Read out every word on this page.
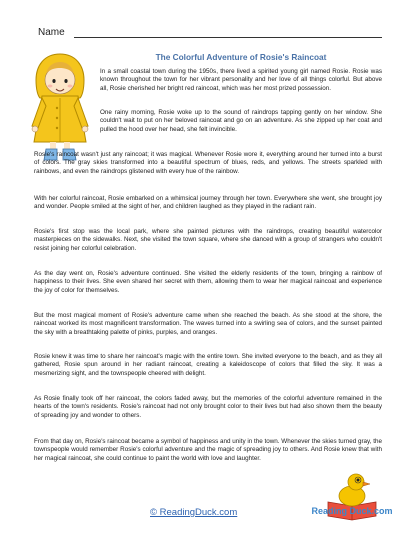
Name
The Colorful Adventure of Rosie's Raincoat

In a small coastal town during the 1950s, there lived a spirited young girl named Rosie. Rosie was known throughout the town for her vibrant personality and her love of all things colorful. But above all, Rosie cherished her bright red raincoat, which was her most prized possession.

One rainy morning, Rosie woke up to the sound of raindrops tapping gently on her window. She couldn't wait to put on her beloved raincoat and go on an adventure. As she zipped up her coat and pulled the hood over her head, she felt invincible.

Rosie's raincoat wasn't just any raincoat; it was magical. Whenever Rosie wore it, everything around her turned into a burst of colors. The gray skies transformed into a beautiful spectrum of blues, reds, and yellows. The streets sparkled with rainbows, and even the raindrops glistened with every hue of the rainbow.

With her colorful raincoat, Rosie embarked on a whimsical journey through her town. Everywhere she went, she brought joy and wonder. People smiled at the sight of her, and children laughed as they played in the radiant rain.

Rosie's first stop was the local park, where she painted pictures with the raindrops, creating beautiful watercolor masterpieces on the sidewalks. Next, she visited the town square, where she danced with a group of strangers who couldn't resist joining her colorful celebration.

As the day went on, Rosie's adventure continued. She visited the elderly residents of the town, bringing a rainbow of happiness to their lives. She even shared her secret with them, allowing them to wear her magical raincoat and experience the joy of color for themselves.

But the most magical moment of Rosie's adventure came when she reached the beach. As she stood at the shore, the raincoat worked its most magnificent transformation. The waves turned into a swirling sea of colors, and the sunset painted the sky with a breathtaking palette of pinks, purples, and oranges.

Rosie knew it was time to share her raincoat's magic with the entire town. She invited everyone to the beach, and as they all gathered, Rosie spun around in her radiant raincoat, creating a kaleidoscope of colors that filled the sky. It was a mesmerizing sight, and the townspeople cheered with delight.

As Rosie finally took off her raincoat, the colors faded away, but the memories of the colorful adventure remained in the hearts of the town's residents. Rosie's raincoat had not only brought color to their lives but had also shown them the beauty of spreading joy and wonder to others.

From that day on, Rosie's raincoat became a symbol of happiness and unity in the town. Whenever the skies turned gray, the townspeople would remember Rosie's colorful adventure and the magic of spreading joy to others. And Rosie knew that with her magical raincoat, she could continue to paint the world with love and laughter.

© ReadingDuck.com	Reading Duck.com
